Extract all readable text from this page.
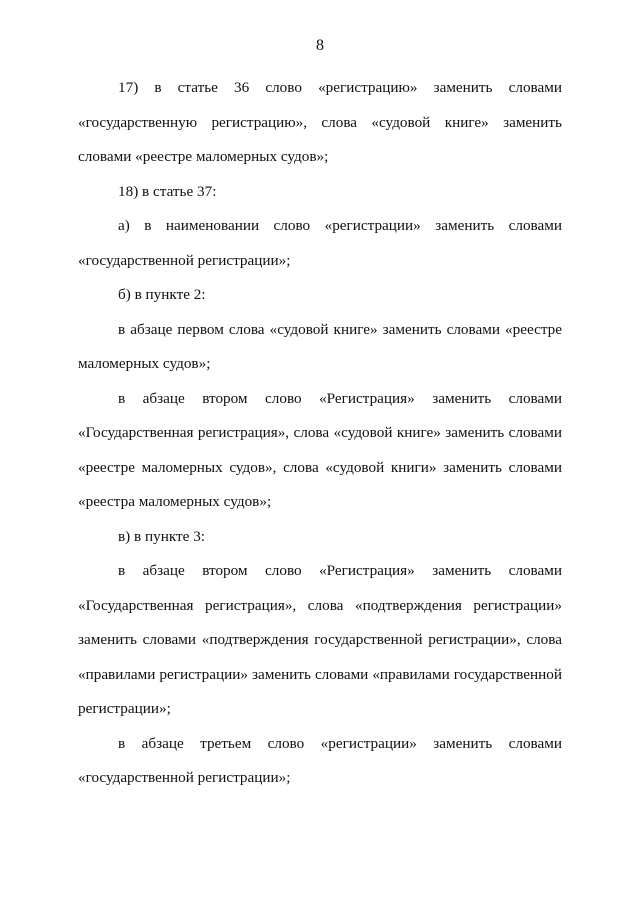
8

17) в статье 36 слово «регистрацию» заменить словами «государственную регистрацию», слова «судовой книге» заменить словами «реестре маломерных судов»;

18) в статье 37:

а) в наименовании слово «регистрации» заменить словами «государственной регистрации»;

б) в пункте 2:

в абзаце первом слова «судовой книге» заменить словами «реестре маломерных судов»;

в абзаце втором слово «Регистрация» заменить словами «Государственная регистрация», слова «судовой книге» заменить словами «реестре маломерных судов», слова «судовой книги» заменить словами «реестра маломерных судов»;

в) в пункте 3:

в абзаце втором слово «Регистрация» заменить словами «Государственная регистрация», слова «подтверждения регистрации» заменить словами «подтверждения государственной регистрации», слова «правилами регистрации» заменить словами «правилами государственной регистрации»;

в абзаце третьем слово «регистрации» заменить словами «государственной регистрации»;
